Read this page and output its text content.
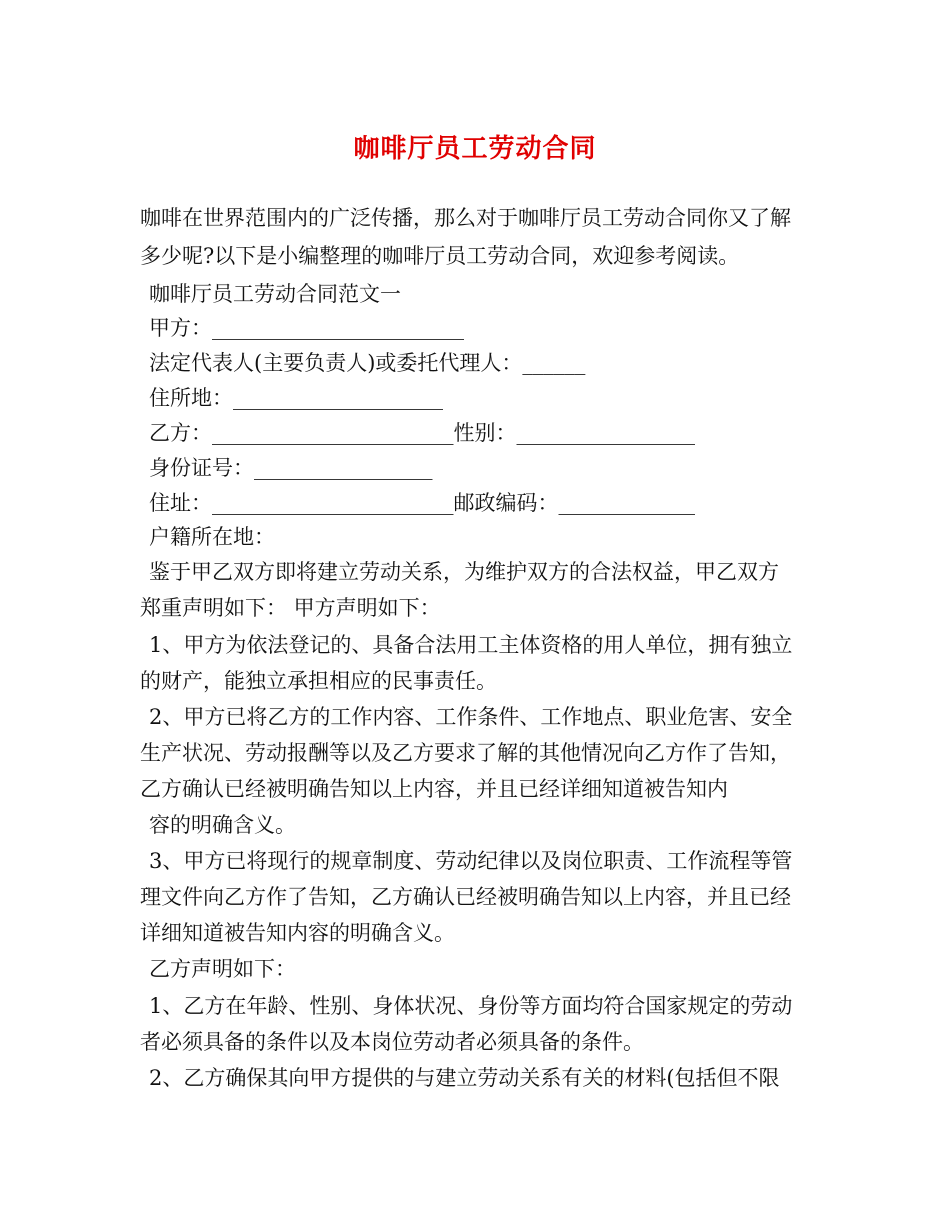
咖啡厅员工劳动合同
咖啡在世界范围内的广泛传播，那么对于咖啡厅员工劳动合同你又了解
多少呢?以下是小编整理的咖啡厅员工劳动合同，欢迎参考阅读。
咖啡厅员工劳动合同范文一
甲方：________________________
法定代表人(主要负责人)或委托代理人：______
住所地：____________________
乙方：_______________________性别：_________________
身份证号：_________________
住址：_______________________邮政编码：_____________
户籍所在地：
鉴于甲乙双方即将建立劳动关系，为维护双方的合法权益，甲乙双方
郑重声明如下： 甲方声明如下：
1、甲方为依法登记的、具备合法用工主体资格的用人单位，拥有独立
的财产，能独立承担相应的民事责任。
2、甲方已将乙方的工作内容、工作条件、工作地点、职业危害、安全
生产状况、劳动报酬等以及乙方要求了解的其他情况向乙方作了告知，
乙方确认已经被明确告知以上内容，并且已经详细知道被告知内
容的明确含义。
3、甲方已将现行的规章制度、劳动纪律以及岗位职责、工作流程等管
理文件向乙方作了告知，乙方确认已经被明确告知以上内容，并且已经
详细知道被告知内容的明确含义。
乙方声明如下：
1、乙方在年龄、性别、身体状况、身份等方面均符合国家规定的劳动
者必须具备的条件以及本岗位劳动者必须具备的条件。
2、乙方确保其向甲方提供的与建立劳动关系有关的材料(包括但不限
